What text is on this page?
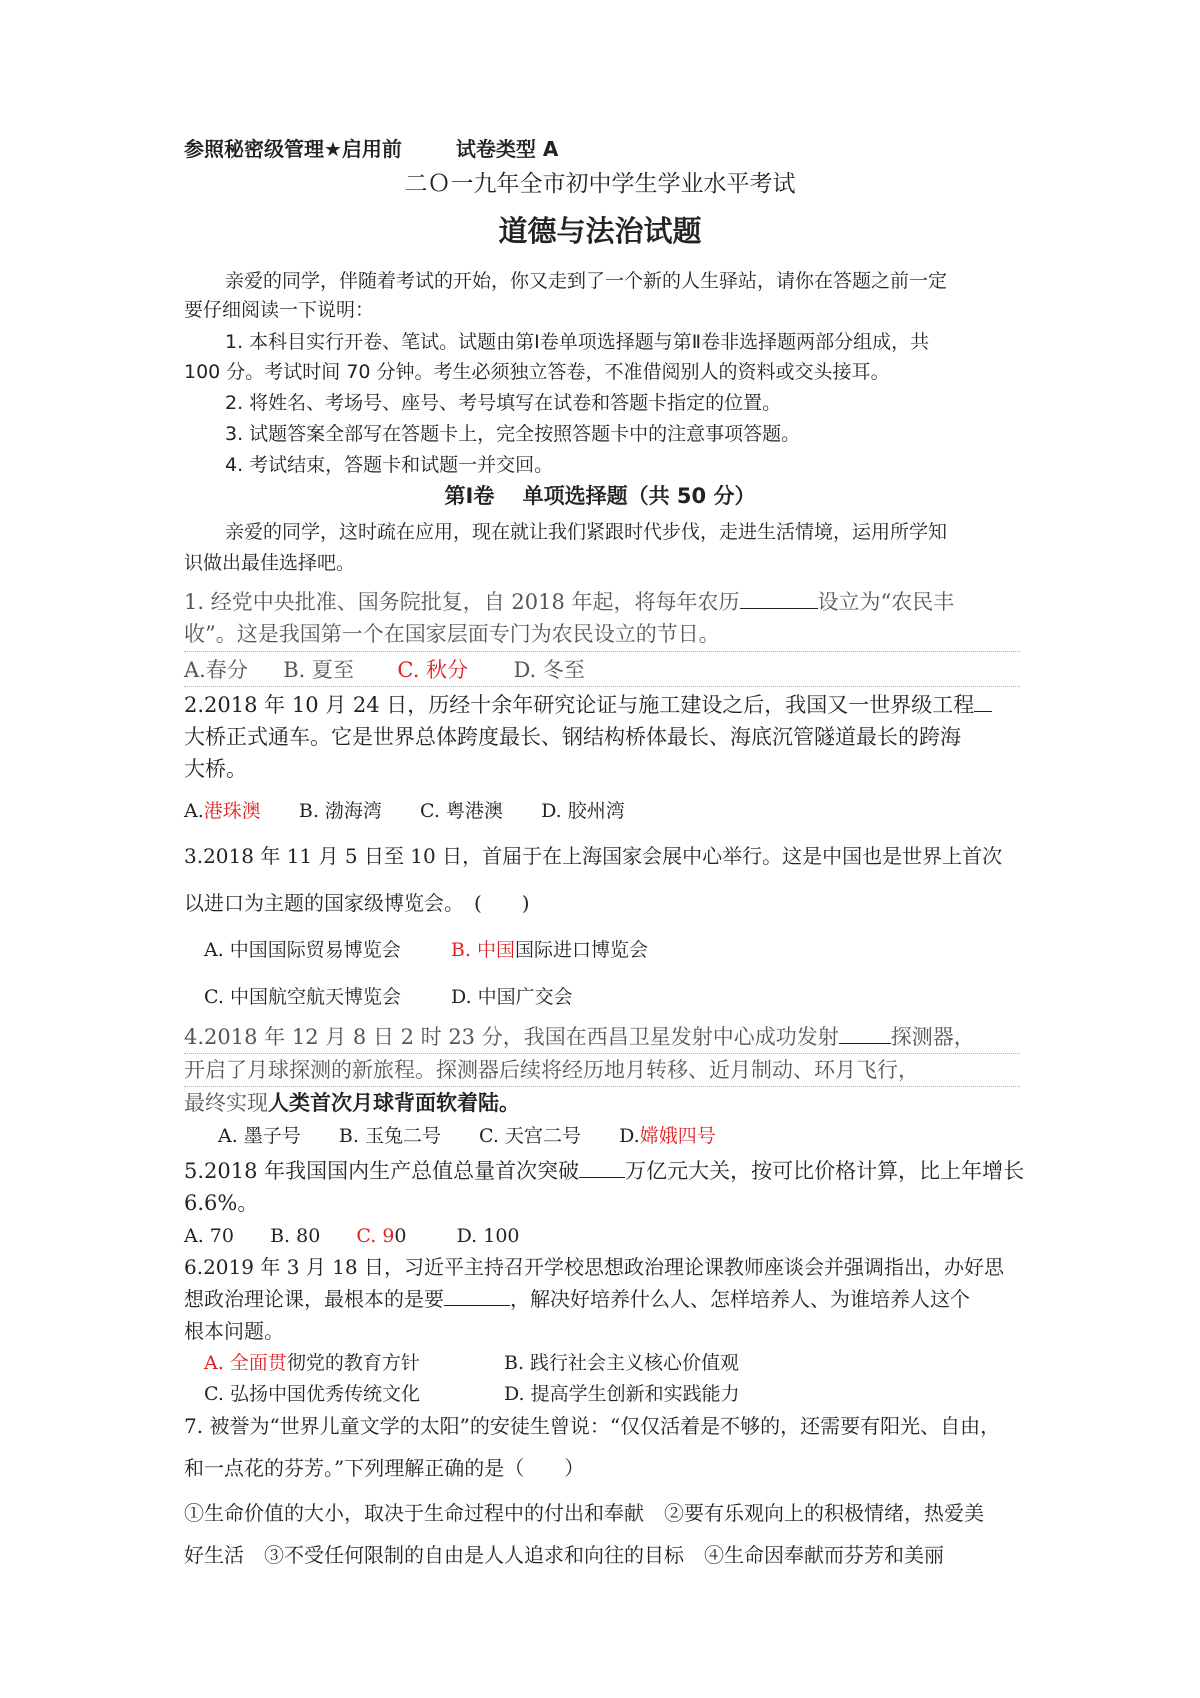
参照秘密级管理★启用前	试卷类型 A
二Ｏ一九年全市初中学生学业水平考试
道德与法治试题
亲爱的同学，伴随着考试的开始，你又走到了一个新的人生驿站，请你在答题之前一定
要仔细阅读一下说明：
1. 本科目实行开卷、笔试。试题由第Ⅰ卷单项选择题与第Ⅱ卷非选择题两部分组成，共
100 分。考试时间 70 分钟。考生必须独立答卷，不准借阅别人的资料或交头接耳。
2. 将姓名、考场号、座号、考号填写在试卷和答题卡指定的位置。
3. 试题答案全部写在答题卡上，完全按照答题卡中的注意事项答题。
4. 考试结束，答题卡和试题一并交回。
第Ⅰ卷　 单项选择题（共 50 分）
亲爱的同学，这时疏在应用，现在就让我们紧跟时代步伐，走进生活情境，运用所学知
识做出最佳选择吧。
1. 经党中央批准、国务院批复，自 2018 年起，将每年农历	设立为“农民丰
收”。这是我国第一个在国家层面专门为农民设立的节日。
A.春分 B. 夏至 C. 秋分 D. 冬至
2.2018 年 10 月 24 日，历经十余年研究论证与施工建设之后，我国又一世界级工程
大桥正式通车。它是世界总体跨度最长、钢结构桥体最长、海底沉管隧道最长的跨海
大桥。
A.港珠澳 B. 渤海湾 C. 粤港澳 D. 胶州湾
3.2018 年 11 月 5 日至 10 日，首届于在上海国家会展中心举行。这是中国也是世界上首次
以进口为主题的国家级博览会。　(　　)
A. 中国国际贸易博览会	B. 中国国际进口博览会
C. 中国航空航天博览会	D. 中国广交会
4.2018 年 12 月 8 日 2 时 23 分，我国在西昌卫星发射中心成功发射 探测器，
开启了月球探测的新旅程。探测器后续将经历地月转移、近月制动、环月飞行，
最终实现人类首次月球背面软着陆。
A. 墨子号 B. 玉兔二号 C. 天宫二号 D.嫦娥四号
5.2018 年我国国内生产总值总量首次突破 万亿元大关，按可比价格计算，比上年增长
6.6%。
A. 70 B. 80 C. 90	D. 100
6.2019 年 3 月 18 日，习近平主持召开学校思想政治理论课教师座谈会并强调指出，办好思
想政治理论课，最根本的是要	，解决好培养什么人、怎样培养人、为谁培养人这个
根本问题。
A. 全面贯彻党的教育方针	B. 践行社会主义核心价值观
C. 弘扬中国优秀传统文化	D. 提高学生创新和实践能力
7. 被誉为“世界儿童文学的太阳”的安徒生曾说：“仅仅活着是不够的，还需要有阳光、自由，
和一点花的芬芳。”下列理解正确的是（　　）
①生命价值的大小，取决于生命过程中的付出和奉献　②要有乐观向上的积极情绪，热爱美
好生活　③不受任何限制的自由是人人追求和向往的目标　④生命因奉献而芬芳和美丽
